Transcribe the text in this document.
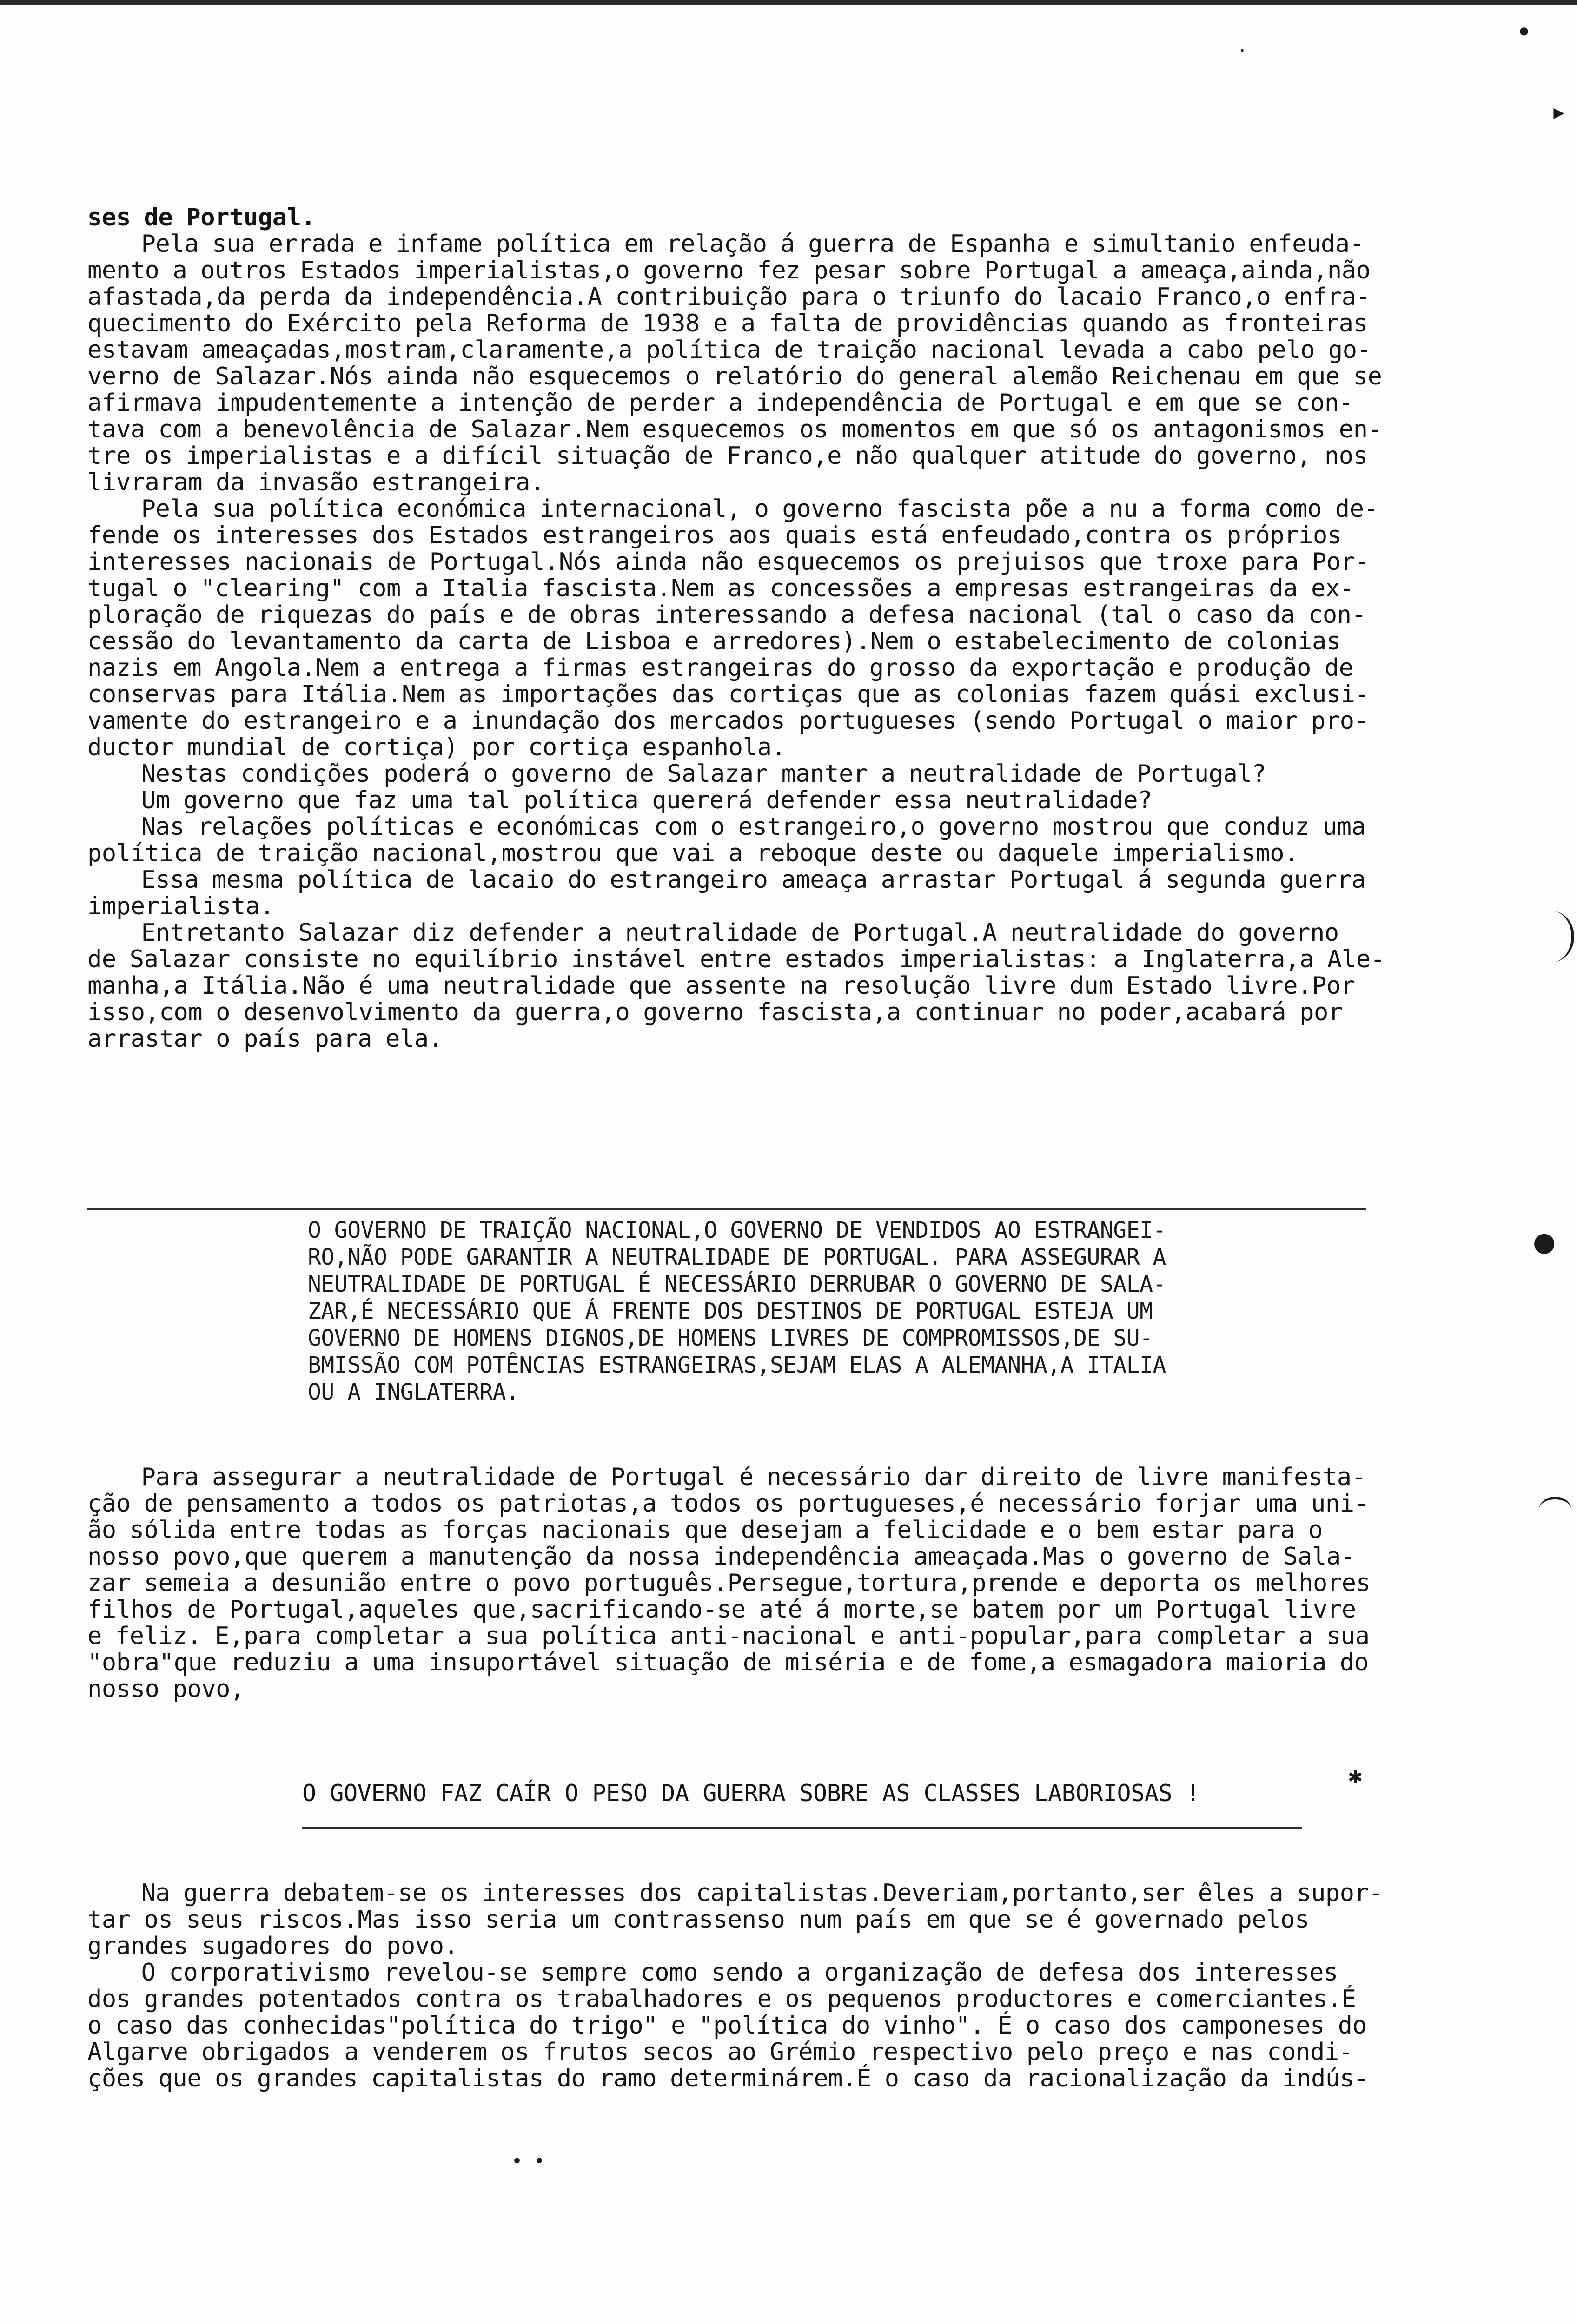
•
▸
·
●
✱
• •

ses de Portugal.

Pela sua errada e infame política em relação á guerra de Espanha e simultanio enfeuda-
mento a outros Estados imperialistas,o governo fez pesar sobre Portugal a ameaça,ainda,não
afastada,da perda da independência.A contribuição para o triunfo do lacaio Franco,o enfra-
quecimento do Exército pela Reforma de 1938 e a falta de providências quando as fronteiras
estavam ameaçadas,mostram,claramente,a política de traição nacional levada a cabo pelo go-
verno de Salazar.Nós ainda não esquecemos o relatório do general alemão Reichenau em que se
afirmava impudentemente a intenção de perder a independência de Portugal e em que se con-
tava com a benevolência de Salazar.Nem esquecemos os momentos em que só os antagonismos en-
tre os imperialistas e a difícil situação de Franco,e não qualquer atitude do governo, nos
livraram da invasão estrangeira.

Pela sua política económica internacional, o governo fascista põe a nu a forma como de-
fende os interesses dos Estados estrangeiros aos quais está enfeudado,contra os próprios
interesses nacionais de Portugal.Nós ainda não esquecemos os prejuisos que troxe para Por-
tugal o "clearing" com a Italia fascista.Nem as concessões a empresas estrangeiras da ex-
ploração de riquezas do país e de obras interessando a defesa nacional (tal o caso da con-
cessão do levantamento da carta de Lisboa e arredores).Nem o estabelecimento de colonias
nazis em Angola.Nem a entrega a firmas estrangeiras do grosso da exportação e produção de
conservas para Itália.Nem as importações das cortiças que as colonias fazem quási exclusi-
vamente do estrangeiro e a inundação dos mercados portugueses (sendo Portugal o maior pro-
ductor mundial de cortiça) por cortiça espanhola.

Nestas condições poderá o governo de Salazar manter a neutralidade de Portugal?
Um governo que faz uma tal política quererá defender essa neutralidade?
Nas relações políticas e económicas com o estrangeiro,o governo mostrou que conduz uma
política de traição nacional,mostrou que vai a reboque deste ou daquele imperialismo.
Essa mesma política de lacaio do estrangeiro ameaça arrastar Portugal á segunda guerra
imperialista.

Entretanto Salazar diz defender a neutralidade de Portugal.A neutralidade do governo
de Salazar consiste no equilíbrio instável entre estados imperialistas: a Inglaterra,a Ale-
manha,a Itália.Não é uma neutralidade que assente na resolução livre dum Estado livre.Por
isso,com o desenvolvimento da guerra,o governo fascista,a continuar no poder,acabará por
arrastar o país para ela.

O GOVERNO DE TRAIÇÃO NACIONAL,O GOVERNO DE VENDIDOS AO ESTRANGEI-
RO,NÃO PODE GARANTIR A NEUTRALIDADE DE PORTUGAL. PARA ASSEGURAR A
NEUTRALIDADE DE PORTUGAL É NECESSÁRIO DERRUBAR O GOVERNO DE SALA-
ZAR,É NECESSÁRIO QUE Á FRENTE DOS DESTINOS DE PORTUGAL ESTEJA UM
GOVERNO DE HOMENS DIGNOS,DE HOMENS LIVRES DE COMPROMISSOS,DE SU-
BMISSÃO COM POTÊNCIAS ESTRANGEIRAS,SEJAM ELAS A ALEMANHA,A ITALIA
OU A INGLATERRA.

Para assegurar a neutralidade de Portugal é necessário dar direito de livre manifesta-
ção de pensamento a todos os patriotas,a todos os portugueses,é necessário forjar uma uni-
ão sólida entre todas as forças nacionais que desejam a felicidade e o bem estar para o
nosso povo,que querem a manutenção da nossa independência ameaçada.Mas o governo de Sala-
zar semeia a desunião entre o povo português.Persegue,tortura,prende e deporta os melhores
filhos de Portugal,aqueles que,sacrificando-se até á morte,se batem por um Portugal livre
e feliz. E,para completar a sua política anti-nacional e anti-popular,para completar a sua
"obra"que reduziu a uma insuportável situação de miséria e de fome,a esmagadora maioria do
nosso povo,

O GOVERNO FAZ CAÍR O PESO DA GUERRA SOBRE AS CLASSES LABORIOSAS !

Na guerra debatem-se os interesses dos capitalistas.Deveriam,portanto,ser êles a supor-
tar os seus riscos.Mas isso seria um contrassenso num país em que se é governado pelos
grandes sugadores do povo.
O corporativismo revelou-se sempre como sendo a organização de defesa dos interesses
dos grandes potentados contra os trabalhadores e os pequenos productores e comerciantes.É
o caso das conhecidas"política do trigo" e "política do vinho". É o caso dos camponeses do
Algarve obrigados a venderem os frutos secos ao Grémio respectivo pelo preço e nas condi-
ções que os grandes capitalistas do ramo determinárem.É o caso da racionalização da indús-
